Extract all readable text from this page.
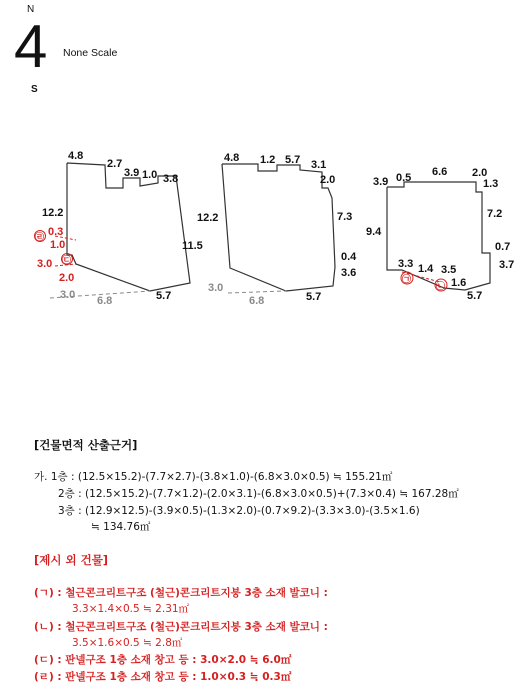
N
4
S
None Scale
4.8
2.7
3.9 1.0 3.8
12.2
11.5
0.3
1.0
3.0
2.0
3.0 6.8	5.7
㉣
㉢
4.8 1.2 5.7 3.1
2.0
12.2	7.3
0.4
3.6
3.0
6.8	5.7
3.9 0.5 6.6 2.0
1.3
9.4
7.2
0.7
3.7
3.3 1.4 3.5
1.6
5.7
㉠
㉡
[건물면적 산출근거]
가. 1층 : (12.5×15.2)-(7.7×2.7)-(3.8×1.0)-(6.8×3.0×0.5) ≒ 155.21㎡
2층 : (12.5×15.2)-(7.7×1.2)-(2.0×3.1)-(6.8×3.0×0.5)+(7.3×0.4) ≒ 167.28㎡
3층 : (12.9×12.5)-(3.9×0.5)-(1.3×2.0)-(0.7×9.2)-(3.3×3.0)-(3.5×1.6)
≒ 134.76㎡
[제시 외 건물]
(ㄱ) : 철근콘크리트구조 (철근)콘크리트지붕 3층 소재 발코니 :
3.3×1.4×0.5 ≒ 2.31㎡
(ㄴ) : 철근콘크리트구조 (철근)콘크리트지붕 3층 소재 발코니 :
3.5×1.6×0.5 ≒ 2.8㎡
(ㄷ) : 판넬구조 1층 소재 창고 등 : 3.0×2.0 ≒ 6.0㎡
(ㄹ) : 판넬구조 1층 소재 창고 등 : 1.0×0.3 ≒ 0.3㎡
